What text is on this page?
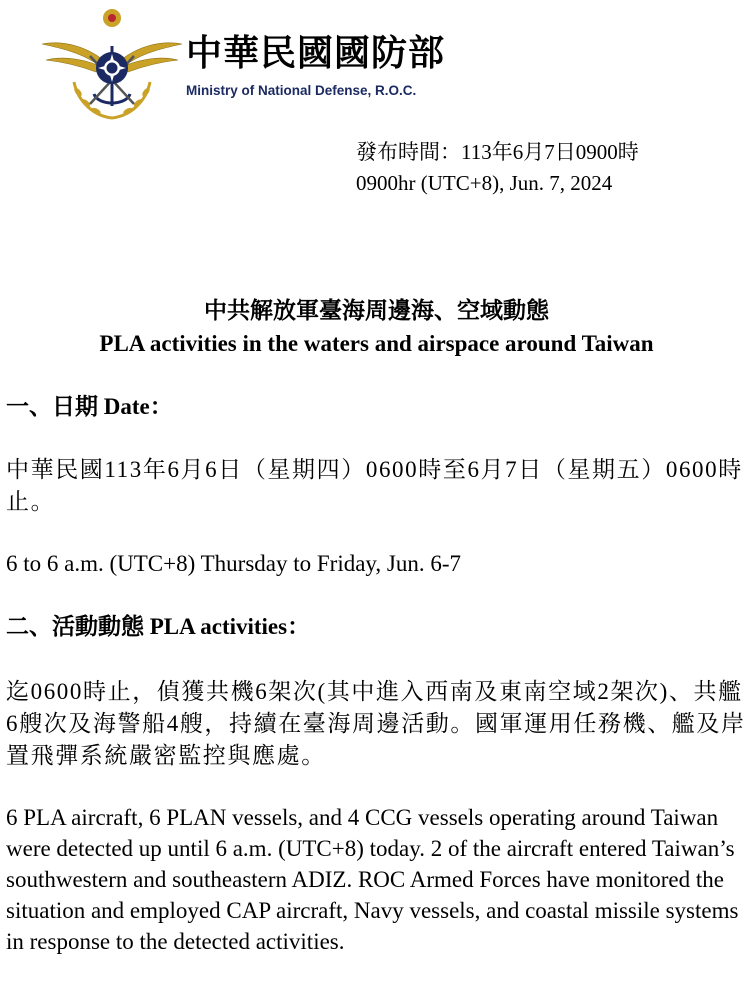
中華民國國防部
Ministry of National Defense, R.O.C.
發布時間：113年6月7日0900時
0900hr (UTC+8), Jun. 7, 2024
中共解放軍臺海周邊海、空域動態
PLA activities in the waters and airspace around Taiwan
一、日期 Date：

中華民國113年6月6日（星期四）0600時至6月7日（星期五）0600時止。

6 to 6 a.m. (UTC+8) Thursday to Friday, Jun. 6-7

二、活動動態 PLA activities：

迄0600時止，偵獲共機6架次(其中進入西南及東南空域2架次)、共艦6艘次及海警船4艘，持續在臺海周邊活動。國軍運用任務機、艦及岸置飛彈系統嚴密監控與應處。

6 PLA aircraft, 6 PLAN vessels, and 4 CCG vessels operating around Taiwan were detected up until 6 a.m. (UTC+8) today. 2 of the aircraft entered Taiwan’s southwestern and southeastern ADIZ. ROC Armed Forces have monitored the situation and employed CAP aircraft, Navy vessels, and coastal missile systems in response to the detected activities.
